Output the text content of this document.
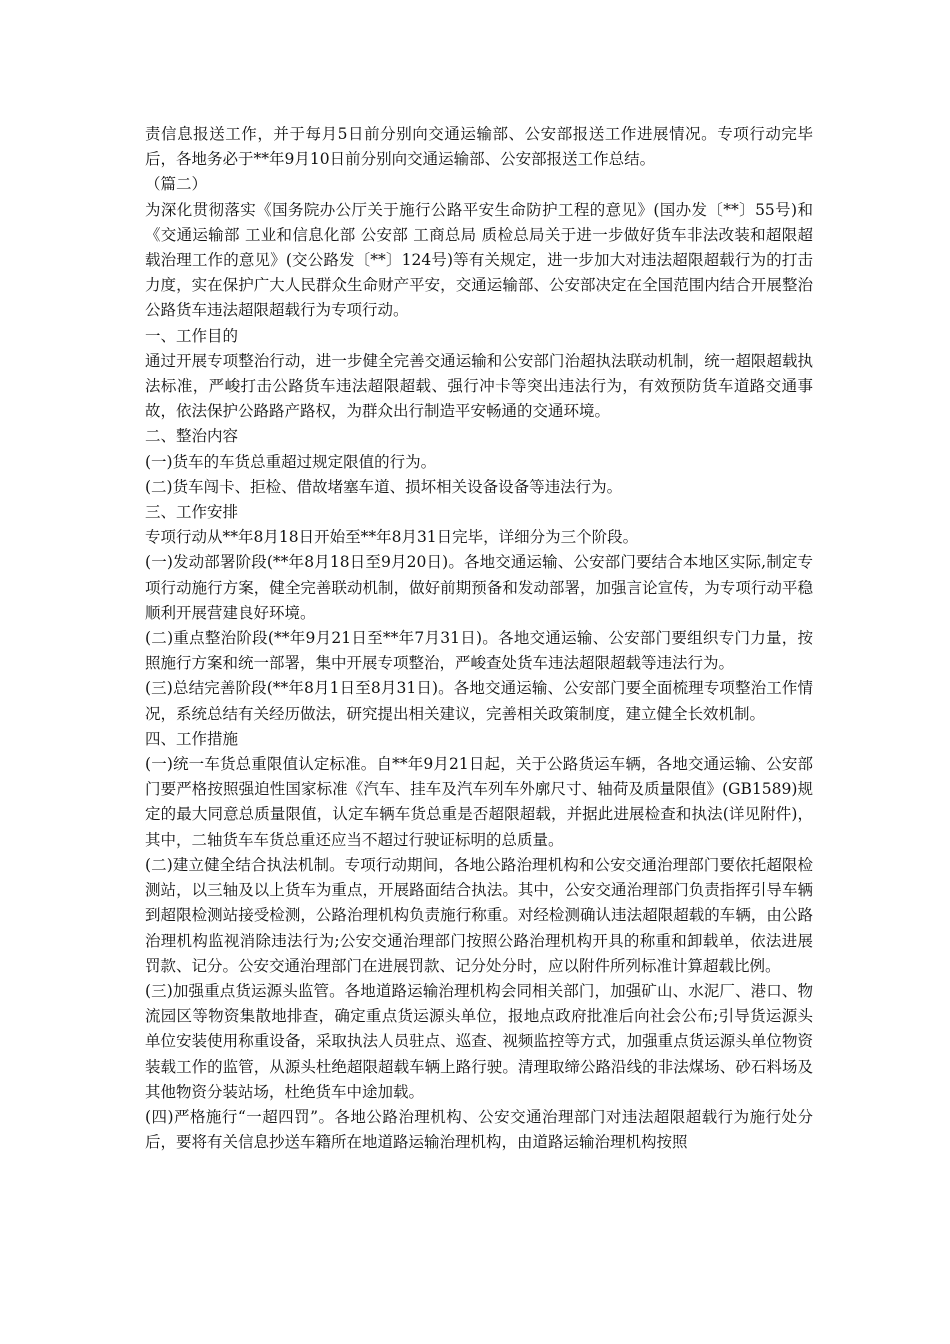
责信息报送工作，并于每月5日前分别向交通运输部、公安部报送工作进展情况。专项行动完毕后，各地务必于**年9月10日前分别向交通运输部、公安部报送工作总结。

（篇二）

为深化贯彻落实《国务院办公厅关于施行公路平安生命防护工程的意见》(国办发〔**〕55号)和《交通运输部 工业和信息化部 公安部 工商总局 质检总局关于进一步做好货车非法改装和超限超载治理工作的意见》(交公路发〔**〕124号)等有关规定，进一步加大对违法超限超载行为的打击力度，实在保护广大人民群众生命财产平安，交通运输部、公安部决定在全国范围内结合开展整治公路货车违法超限超载行为专项行动。

一、工作目的

通过开展专项整治行动，进一步健全完善交通运输和公安部门治超执法联动机制，统一超限超载执法标准，严峻打击公路货车违法超限超载、强行冲卡等突出违法行为，有效预防货车道路交通事故，依法保护公路路产路权，为群众出行制造平安畅通的交通环境。

二、整治内容

(一)货车的车货总重超过规定限值的行为。

(二)货车闯卡、拒检、借故堵塞车道、损坏相关设备设备等违法行为。

三、工作安排

专项行动从**年8月18日开始至**年8月31日完毕，详细分为三个阶段。

(一)发动部署阶段(**年8月18日至9月20日)。各地交通运输、公安部门要结合本地区实际,制定专项行动施行方案，健全完善联动机制，做好前期预备和发动部署，加强言论宣传，为专项行动平稳顺利开展营建良好环境。

(二)重点整治阶段(**年9月21日至**年7月31日)。各地交通运输、公安部门要组织专门力量，按照施行方案和统一部署，集中开展专项整治，严峻查处货车违法超限超载等违法行为。

(三)总结完善阶段(**年8月1日至8月31日)。各地交通运输、公安部门要全面梳理专项整治工作情况，系统总结有关经历做法，研究提出相关建议，完善相关政策制度，建立健全长效机制。

四、工作措施

(一)统一车货总重限值认定标准。自**年9月21日起，关于公路货运车辆，各地交通运输、公安部门要严格按照强迫性国家标准《汽车、挂车及汽车列车外廓尺寸、轴荷及质量限值》(GB1589)规定的最大同意总质量限值，认定车辆车货总重是否超限超载，并据此进展检查和执法(详见附件)，其中，二轴货车车货总重还应当不超过行驶证标明的总质量。

(二)建立健全结合执法机制。专项行动期间，各地公路治理机构和公安交通治理部门要依托超限检测站，以三轴及以上货车为重点，开展路面结合执法。其中，公安交通治理部门负责指挥引导车辆到超限检测站接受检测，公路治理机构负责施行称重。对经检测确认违法超限超载的车辆，由公路治理机构监视消除违法行为;公安交通治理部门按照公路治理机构开具的称重和卸载单，依法进展罚款、记分。公安交通治理部门在进展罚款、记分处分时，应以附件所列标准计算超载比例。

(三)加强重点货运源头监管。各地道路运输治理机构会同相关部门，加强矿山、水泥厂、港口、物流园区等物资集散地排查，确定重点货运源头单位，报地点政府批准后向社会公布;引导货运源头单位安装使用称重设备，采取执法人员驻点、巡查、视频监控等方式，加强重点货运源头单位物资装载工作的监管，从源头杜绝超限超载车辆上路行驶。清理取缔公路沿线的非法煤场、砂石料场及其他物资分装站场，杜绝货车中途加载。

(四)严格施行“一超四罚”。各地公路治理机构、公安交通治理部门对违法超限超载行为施行处分后，要将有关信息抄送车籍所在地道路运输治理机构，由道路运输治理机构按照
